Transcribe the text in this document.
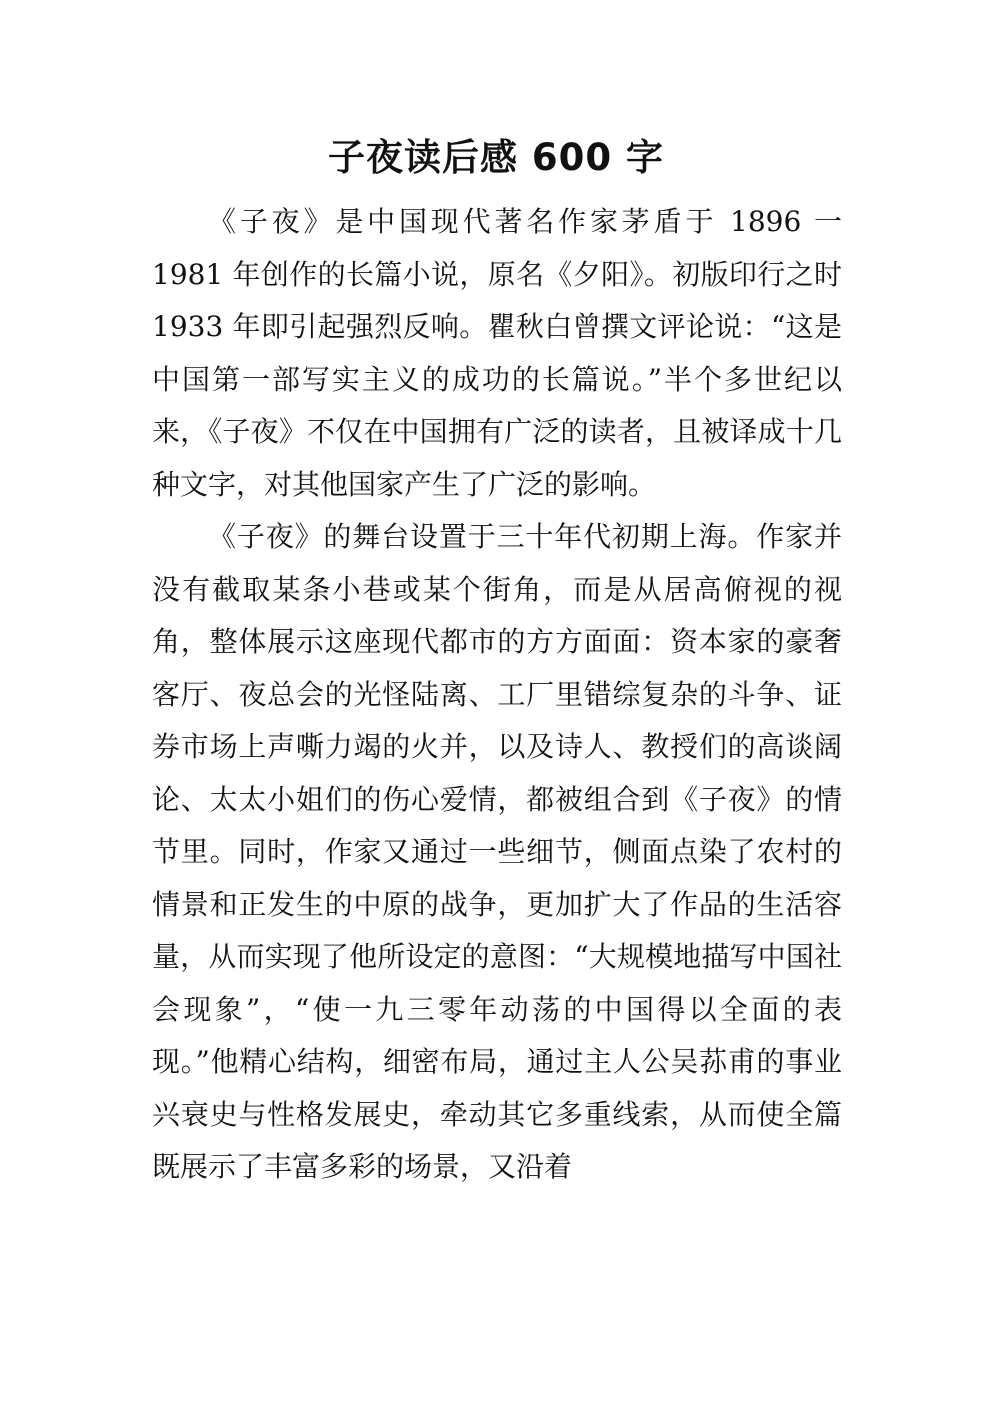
子夜读后感 600 字

《子夜》是中国现代著名作家茅盾于 1896 一 1981 年创作的长篇小说，原名《夕阳》。初版印行之时 1933 年即引起强烈反响。瞿秋白曾撰文评论说：“这是中国第一部写实主义的成功的长篇说。”半个多世纪以来，《子夜》不仅在中国拥有广泛的读者，且被译成十几种文字，对其他国家产生了广泛的影响。

《子夜》的舞台设置于三十年代初期上海。作家并没有截取某条小巷或某个街角，而是从居高俯视的视角，整体展示这座现代都市的方方面面：资本家的豪奢客厅、夜总会的光怪陆离、工厂里错综复杂的斗争、证券市场上声嘶力竭的火并，以及诗人、教授们的高谈阔论、太太小姐们的伤心爱情，都被组合到《子夜》的情节里。同时，作家又通过一些细节，侧面点染了农村的情景和正发生的中原的战争，更加扩大了作品的生活容量，从而实现了他所设定的意图：“大规模地描写中国社会现象”，“使一九三零年动荡的中国得以全面的表现。”他精心结构，细密布局，通过主人公吴荪甫的事业兴衰史与性格发展史，牵动其它多重线索，从而使全篇既展示了丰富多彩的场景，又沿着
